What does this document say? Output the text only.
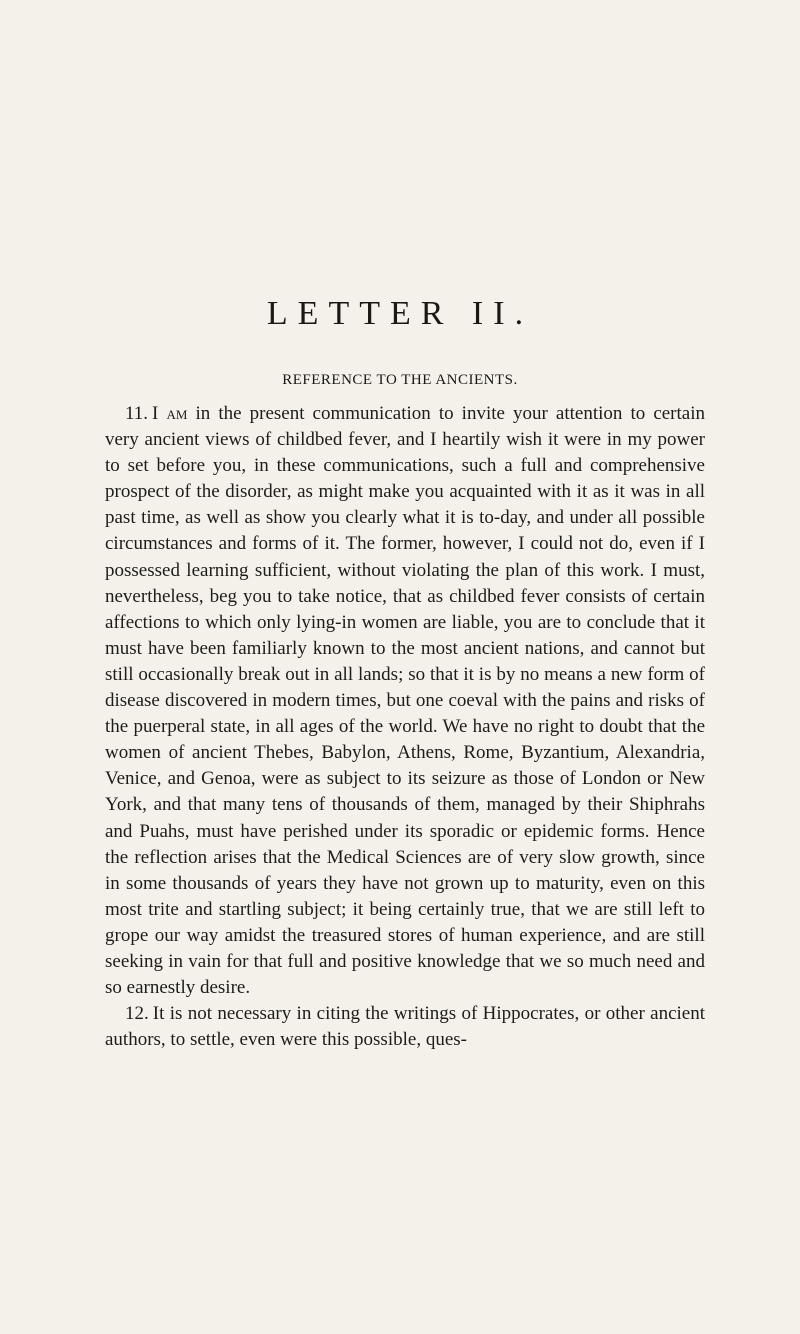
LETTER II.
REFERENCE TO THE ANCIENTS.

11. I am in the present communication to invite your attention to certain very ancient views of childbed fever, and I heartily wish it were in my power to set before you, in these communications, such a full and comprehensive prospect of the disorder, as might make you acquainted with it as it was in all past time, as well as show you clearly what it is to-day, and under all possible circumstances and forms of it. The former, however, I could not do, even if I possessed learning sufficient, without violating the plan of this work. I must, nevertheless, beg you to take notice, that as childbed fever consists of certain affections to which only lying-in women are liable, you are to conclude that it must have been familiarly known to the most ancient nations, and cannot but still occasionally break out in all lands; so that it is by no means a new form of disease discovered in modern times, but one coeval with the pains and risks of the puerperal state, in all ages of the world. We have no right to doubt that the women of ancient Thebes, Babylon, Athens, Rome, Byzantium, Alexandria, Venice, and Genoa, were as subject to its seizure as those of London or New York, and that many tens of thousands of them, managed by their Shiphrahs and Puahs, must have perished under its sporadic or epidemic forms. Hence the reflection arises that the Medical Sciences are of very slow growth, since in some thousands of years they have not grown up to maturity, even on this most trite and startling subject; it being certainly true, that we are still left to grope our way amidst the treasured stores of human experience, and are still seeking in vain for that full and positive knowledge that we so much need and so earnestly desire.

12. It is not necessary in citing the writings of Hippocrates, or other ancient authors, to settle, even were this possible, ques-
